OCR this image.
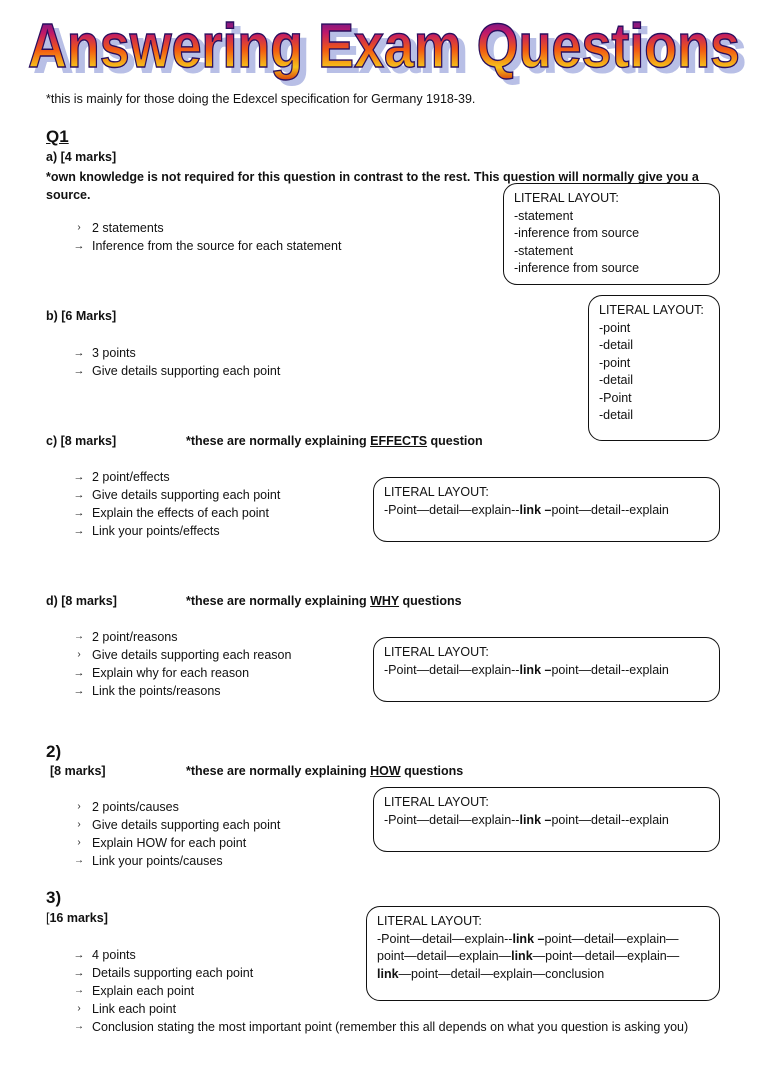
Answering Exam Questions
Answering Exam Questions
*this is mainly for those doing the Edexcel specification for Germany 1918-39.
Q1
a) [4 marks]
*own knowledge is not required for this question in contrast to the rest. This question will normally give you a source.
› 2 statements
→ Inference from the source for each statement
LITERAL LAYOUT:
-statement
-inference from source
-statement
-inference from source
b) [6 Marks]
→ 3 points
→ Give details supporting each point
LITERAL LAYOUT:
-point
-detail
-point
-detail
-Point
-detail
c) [8 marks]	*these are normally explaining EFFECTS question
→ 2 point/effects
→ Give details supporting each point
→ Explain the effects of each point
→ Link your points/effects
LITERAL LAYOUT:
-Point—detail—explain--link –point—detail--explain
d) [8 marks]	*these are normally explaining WHY questions
→ 2 point/reasons
› Give details supporting each reason
→ Explain why for each reason
→ Link the points/reasons
LITERAL LAYOUT:
-Point—detail—explain--link –point—detail--explain
2)
[8 marks]	*these are normally explaining HOW questions
› 2 points/causes
› Give details supporting each point
› Explain HOW for each point
→ Link your points/causes
LITERAL LAYOUT:
-Point—detail—explain--link –point—detail--explain
3)
[16 marks]
→ 4 points
→ Details supporting each point
→ Explain each point
› Link each point
→ Conclusion stating the most important point (remember this all depends on what you question is asking you)
LITERAL LAYOUT:
-Point—detail—explain--link –point—detail—explain—
point—detail—explain—link—point—detail—explain—
link—point—detail—explain—conclusion
